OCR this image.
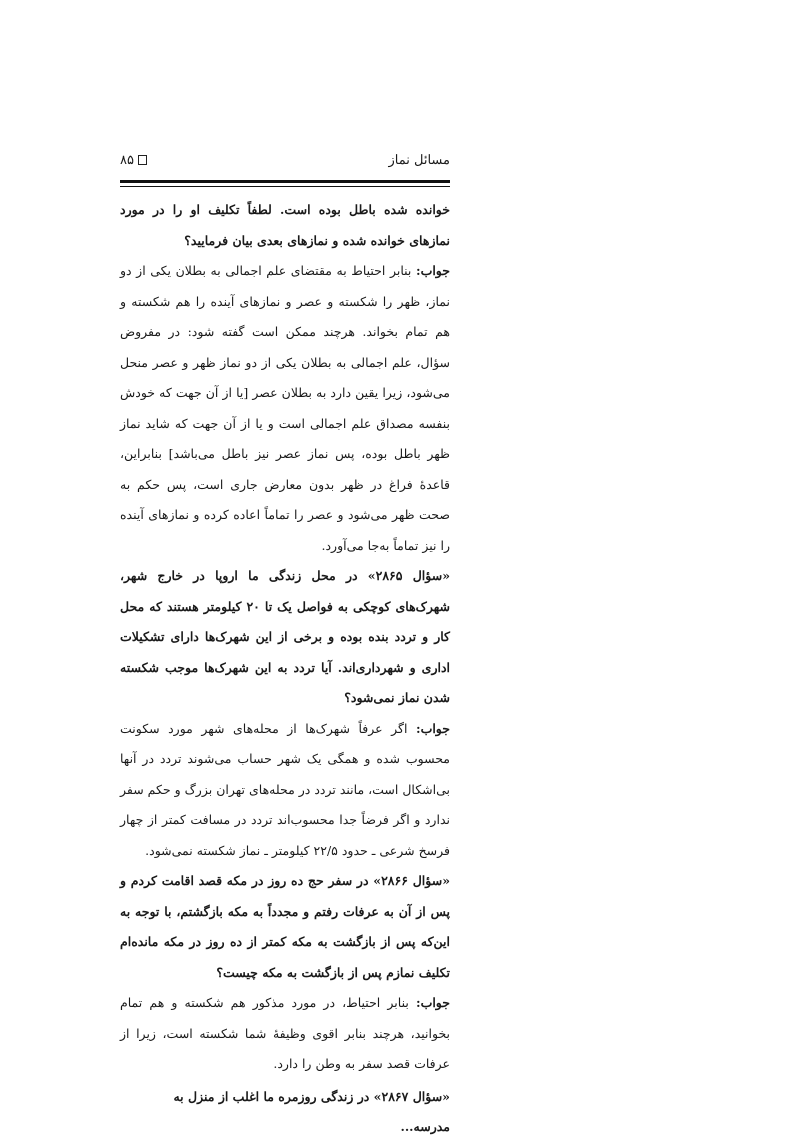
مسائل نماز
۸۵

خوانده شده باطل بوده است. لطفاً تکلیف او را در مورد نمازهای خوانده شده و نمازهای بعدی بیان فرمایید؟

جواب: بنابر احتیاط به مقتضای علم اجمالی به بطلان یکی از دو نماز، ظهر را شکسته و عصر و نمازهای آینده را هم شکسته و هم تمام بخواند. هرچند ممکن است گفته شود: در مفروض سؤال، علم اجمالی به بطلان یکی از دو نماز ظهر و عصر منحل می‌شود، زیرا یقین دارد به بطلان عصر [یا از آن جهت که خودش بنفسه مصداق علم اجمالی است و یا از آن جهت که شاید نماز ظهر باطل بوده، پس نماز عصر نیز باطل می‌باشد] بنابراین، قاعدهٔ فراغ در ظهر بدون معارض جاری است، پس حکم به صحت ظهر می‌شود و عصر را تماماً اعاده کرده و نمازهای آینده را نیز تماماً به‌جا می‌آورد.

«سؤال ۲۸۶۵» در محل زندگی ما اروپا در خارج شهر، شهرک‌های کوچکی به فواصل یک تا ۲۰ کیلومتر هستند که محل کار و تردد بنده بوده و برخی از این شهرک‌ها دارای تشکیلات اداری و شهرداری‌اند. آیا تردد به این شهرک‌ها موجب شکسته شدن نماز نمی‌شود؟

جواب: اگر عرفاً شهرک‌ها از محله‌های شهر مورد سکونت محسوب شده و همگی یک شهر حساب می‌شوند تردد در آنها بی‌اشکال است، مانند تردد در محله‌های تهران بزرگ و حکم سفر ندارد و اگر فرضاً جدا محسوب‌اند تردد در مسافت کمتر از چهار فرسخ شرعی ـ حدود ۲۲/۵ کیلومتر ـ نماز شکسته نمی‌شود.

«سؤال ۲۸۶۶» در سفر حج ده روز در مکه قصد اقامت کردم و پس از آن به عرفات رفتم و مجدداً به مکه بازگشتم، با توجه به این‌که پس از بازگشت به مکه کمتر از ده روز در مکه مانده‌ام تکلیف نمازم پس از بازگشت به مکه چیست؟

جواب: بنابر احتیاط، در مورد مذکور هم شکسته و هم تمام بخوانید، هرچند بنابر اقوی وظیفهٔ شما شکسته است، زیرا از عرفات قصد سفر به وطن را دارد.

«سؤال ۲۸۶۷» در زندگی روزمره ما اغلب از منزل به مدرسه...
